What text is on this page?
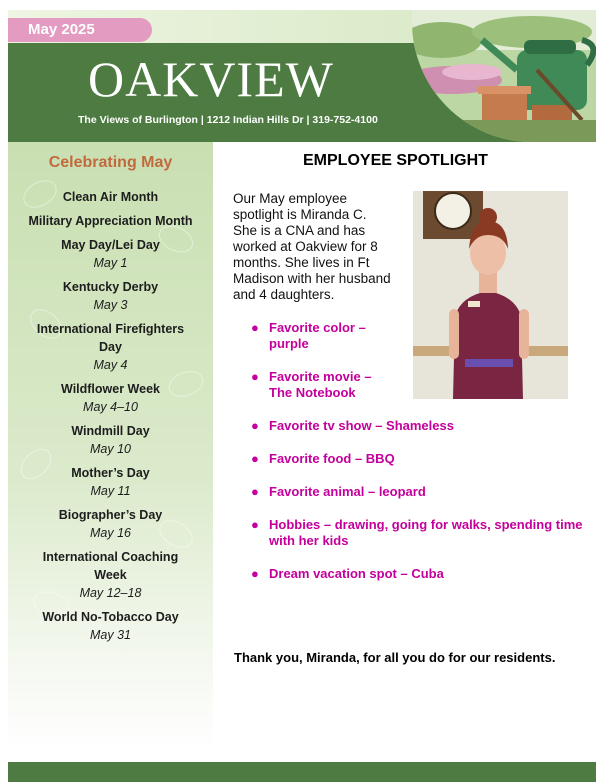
May 2025
OAKVIEW
The Views of Burlington | 1212 Indian Hills Dr | 319-752-4100
Celebrating May
Clean Air Month
Military Appreciation Month
May Day/Lei Day
May 1
Kentucky Derby
May 3
International Firefighters Day
May 4
Wildflower Week
May 4–10
Windmill Day
May 10
Mother’s Day
May 11
Biographer’s Day
May 16
International Coaching Week
May 12–18
World No-Tobacco Day
May 31
EMPLOYEE SPOTLIGHT
Our May employee spotlight is Miranda C. She is a CNA and has worked at Oakview for 8 months. She lives in Ft Madison with her husband and 4 daughters.
● Favorite color – purple
● Favorite movie – The Notebook
● Favorite tv show – Shameless
● Favorite food – BBQ
● Favorite animal – leopard
● Hobbies – drawing, going for walks, spending time with her kids
● Dream vacation spot – Cuba
Thank you, Miranda, for all you do for our residents.
